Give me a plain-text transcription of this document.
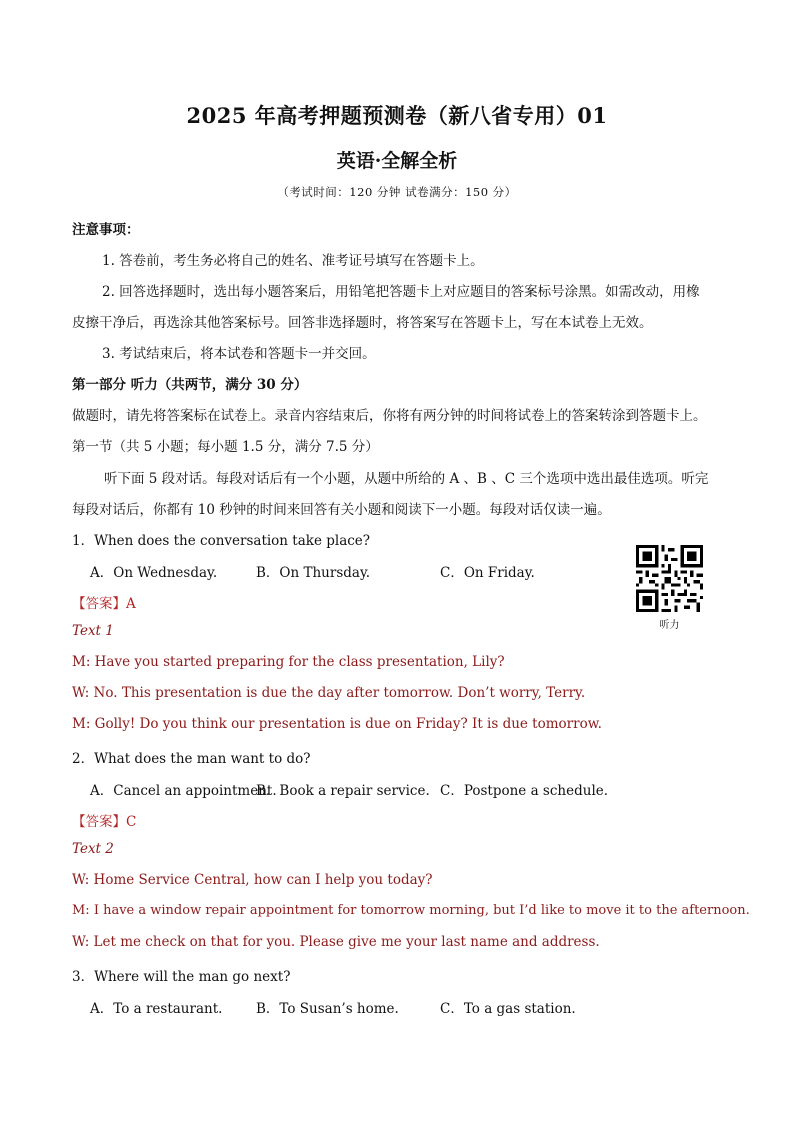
2025 年高考押题预测卷（新八省专用）01
英语·全解全析
（考试时间：120 分钟 试卷满分：150 分）
注意事项：
1. 答卷前，考生务必将自己的姓名、准考证号填写在答题卡上。
2. 回答选择题时，选出每小题答案后，用铅笔把答题卡上对应题目的答案标号涂黑。如需改动，用橡
皮擦干净后，再选涂其他答案标号。回答非选择题时，将答案写在答题卡上，写在本试卷上无效。
3. 考试结束后，将本试卷和答题卡一并交回。
第一部分 听力（共两节，满分 30 分）
做题时，请先将答案标在试卷上。录音内容结束后，你将有两分钟的时间将试卷上的答案转涂到答题卡上。
第一节（共 5 小题；每小题 1.5 分，满分 7.5 分）
听下面 5 段对话。每段对话后有一个小题，从题中所给的 A 、B 、C 三个选项中选出最佳选项。听完
每段对话后，你都有 10 秒钟的时间来回答有关小题和阅读下一小题。每段对话仅读一遍。
听力
1．When does the conversation take place?
A．On Wednesday.	B．On Thursday.	C．On Friday.
【答案】A
Text 1
M: Have you started preparing for the class presentation, Lily?
W: No. This presentation is due the day after tomorrow. Don’t worry, Terry.
M: Golly! Do you think our presentation is due on Friday? It is due tomorrow.
2．What does the man want to do?
A．Cancel an appointment.
B．Book a repair service. C．Postpone a schedule.
【答案】C
Text 2
W: Home Service Central, how can I help you today?
M: I have a window repair appointment for tomorrow morning, but I’d like to move it to the afternoon.
W: Let me check on that for you. Please give me your last name and address.
3．Where will the man go next?
A．To a restaurant. B．To Susan’s home.	C．To a gas station.
